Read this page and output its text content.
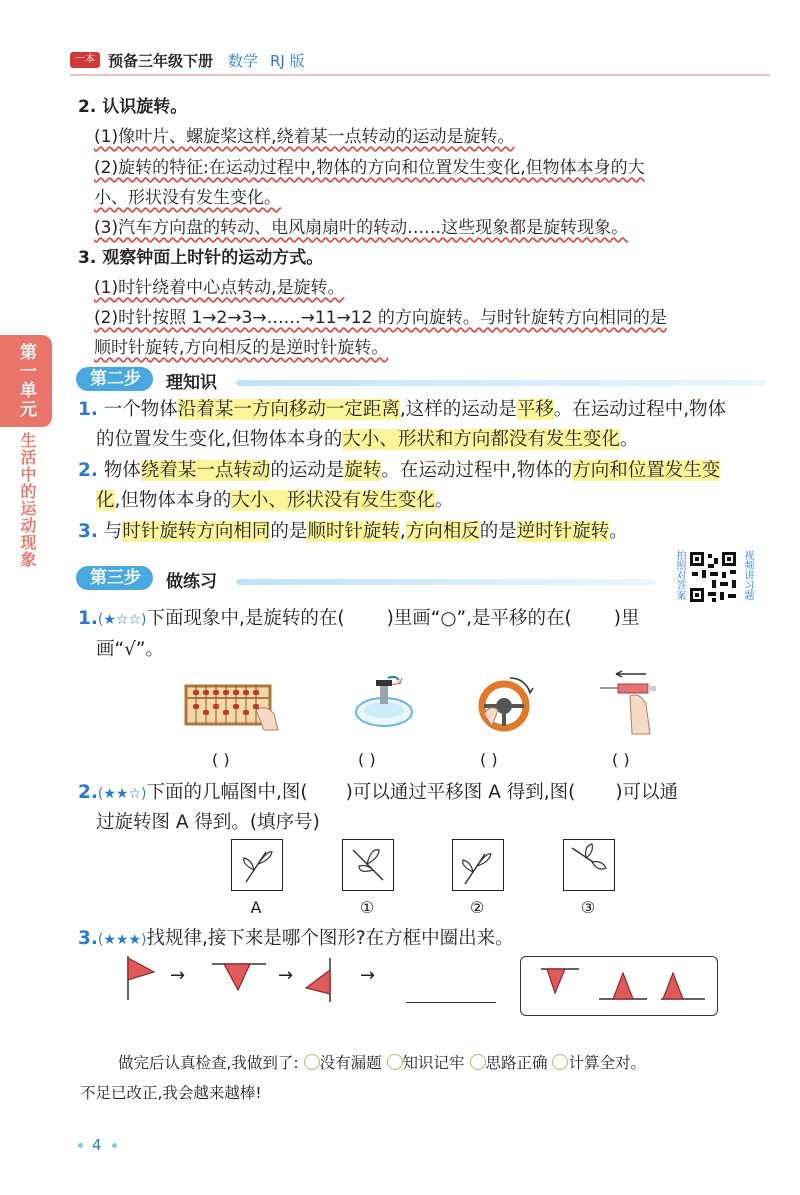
一本 预备三年级下册 数学 RJ 版
第一单元
生活中的运动现象
2. 认识旋转。
(1)像叶片、螺旋桨这样,绕着某一点转动的运动是旋转。
(2)旋转的特征:在运动过程中,物体的方向和位置发生变化,但物体本身的大
小、形状没有发生变化。
(3)汽车方向盘的转动、电风扇扇叶的转动……这些现象都是旋转现象。
3. 观察钟面上时针的运动方式。
(1)时针绕着中心点转动,是旋转。
(2)时针按照 1→2→3→……→11→12 的方向旋转。与时针旋转方向相同的是
顺时针旋转,方向相反的是逆时针旋转。
第二步	理知识
1. 一个物体沿着某一方向移动一定距离,这样的运动是平移。在运动过程中,物体
的位置发生变化,但物体本身的大小、形状和方向都没有发生变化。
2. 物体绕着某一点转动的运动是旋转。在运动过程中,物体的方向和位置发生变
化,但物体本身的大小、形状没有发生变化。
3. 与时针旋转方向相同的是顺时针旋转,方向相反的是逆时针旋转。
第三步	做练习	拍照对答案	视频讲习题
1.(★☆☆)下面现象中,是旋转的在( )里画“○”,是平移的在( )里
画“√”。
( )	( )	( )	( )
2.(★★☆)下面的几幅图中,图( )可以通过平移图 A 得到,图( )可以通
过旋转图 A 得到。(填序号)
A	①	②	③
3.(★★★)找规律,接下来是哪个图形?在方框中圈出来。
→	→	→
做完后认真检查,我做到了: 没有漏题 知识记牢 思路正确 计算全对。
不足已改正,我会越来越棒!
4
